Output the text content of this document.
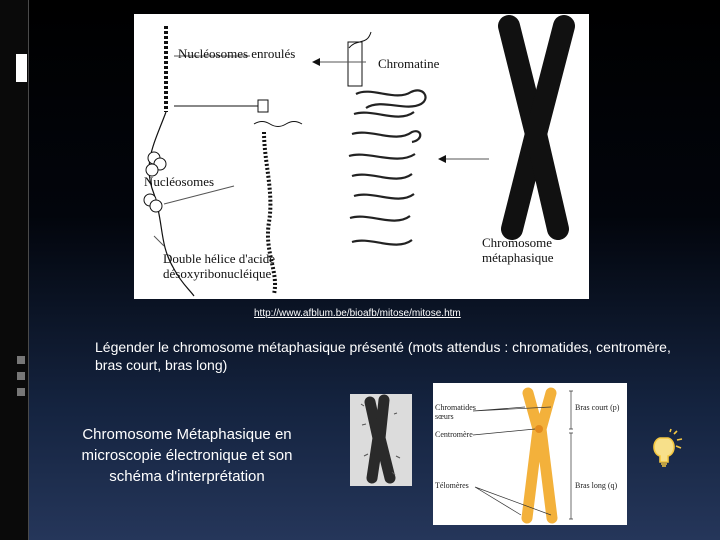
Nucléosomes enroulés
Chromatine
Nucléosomes
Double hélice d'acide désoxyribonucléique
Chromosome métaphasique
http://www.afblum.be/bioafb/mitose/mitose.htm
Légender le chromosome métaphasique présenté (mots attendus : chromatides, centromère, bras court, bras long)
Chromosome Métaphasique en microscopie électronique et son schéma d'interprétation
Chromatides sœurs
Centromère
Télomères
Bras court (p)
Bras long (q)
